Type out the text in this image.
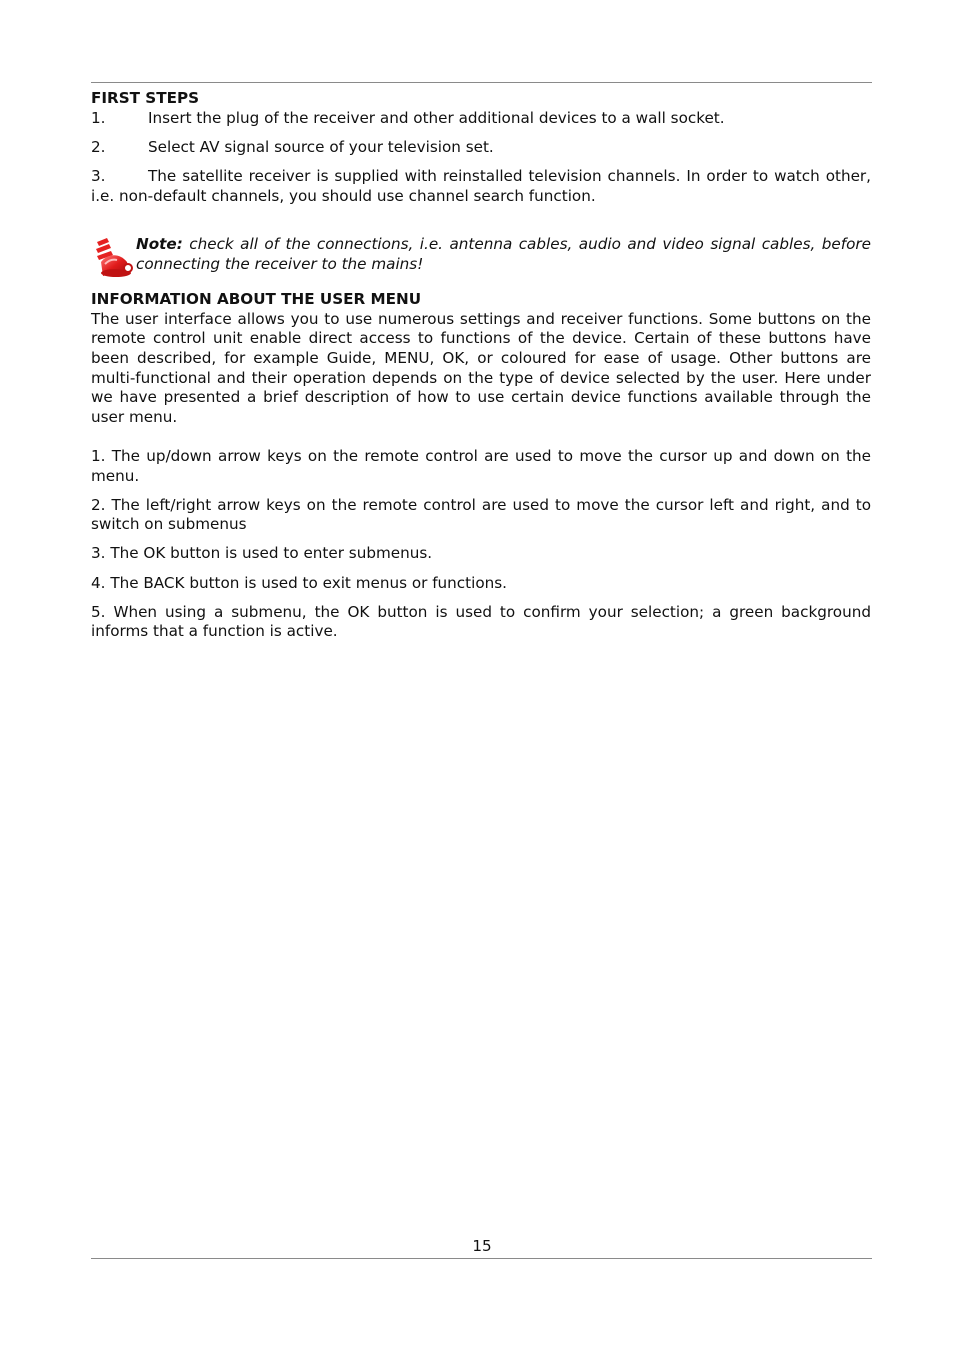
FIRST STEPS

1.	Insert the plug of the receiver and other additional devices to a wall socket.

2.	Select AV signal source of your television set.

3.	The satellite receiver is supplied with reinstalled television channels. In order to watch other, i.e. non-default channels, you should use channel search function.

Note: check all of the connections, i.e. antenna cables, audio and video signal cables, before connecting the receiver to the mains!

INFORMATION ABOUT THE USER MENU

The user interface allows you to use numerous settings and receiver functions. Some buttons on the remote control unit enable direct access to functions of the device. Certain of these buttons have been described, for example Guide, MENU, OK, or coloured for ease of usage. Other buttons are multi-functional and their operation depends on the type of device selected by the user. Here under we have presented a brief description of how to use certain device functions available through the user menu.

1. The up/down arrow keys on the remote control are used to move the cursor up and down on the menu.

2. The left/right arrow keys on the remote control are used to move the cursor left and right, and to switch on submenus

3. The OK button is used to enter submenus.

4. The BACK button is used to exit menus or functions.

5. When using a submenu, the OK button is used to confirm your selection; a green background informs that a function is active.

15
